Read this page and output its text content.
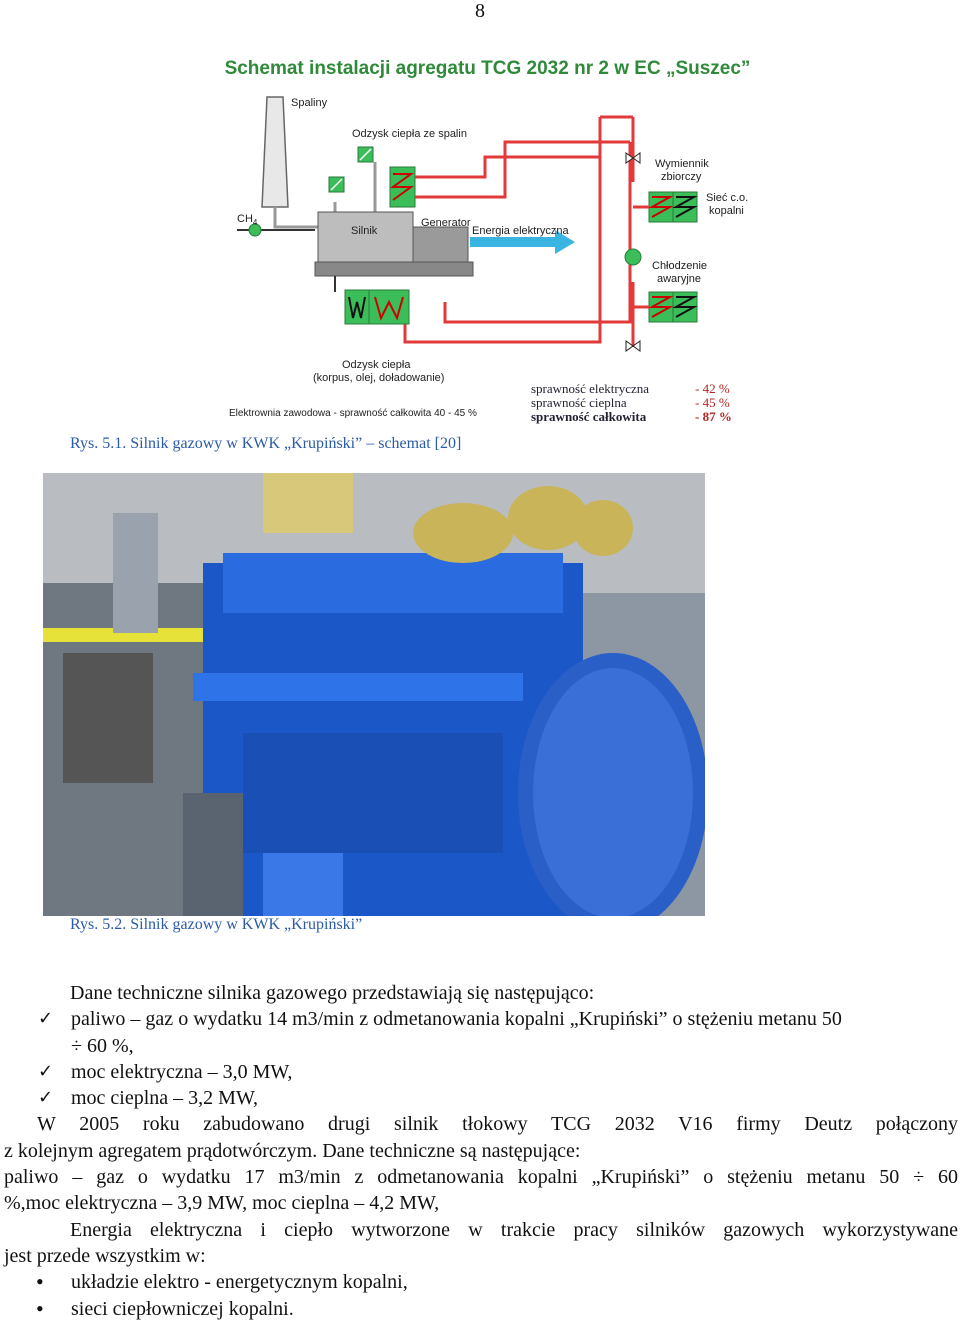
8
Schemat instalacji agregatu TCG 2032 nr 2 w EC „Suszec”
Spaliny
Odzysk ciepła ze spalin
$CH_4$
Silnik
Generator
Energia elektryczna
Wymiennik
zbiorczy
Sieć c.o.
kopalni
Chłodzenie
awaryjne
Odzysk ciepła
(korpus, olej, doładowanie)
Elektrownia zawodowa - sprawność całkowita 40 - 45 %
sprawność elektryczna	- 42 %
sprawność cieplna	- 45 %
sprawność całkowita	- 87 %
Rys. 5.1. Silnik gazowy w KWK „Krupiński” – schemat [20]
Rys. 5.2. Silnik gazowy w KWK „Krupiński”
Dane techniczne silnika gazowego przedstawiają się następująco:
✓ paliwo – gaz o wydatku 14 m3/min z odmetanowania kopalni „Krupiński” o stężeniu metanu 50
÷ 60 %,
✓ moc elektryczna – 3,0 MW,
✓ moc cieplna – 3,2 MW,
W 2005 roku zabudowano drugi silnik tłokowy TCG 2032 V16 firmy Deutz połączony
z kolejnym agregatem prądotwórczym. Dane techniczne są następujące:
paliwo – gaz o wydatku 17 m3/min z odmetanowania kopalni „Krupiński” o stężeniu metanu 50 ÷ 60
%,moc elektryczna – 3,9 MW, moc cieplna – 4,2 MW,
Energia elektryczna i ciepło wytworzone w trakcie pracy silników gazowych wykorzystywane
jest przede wszystkim w:
• układzie elektro - energetycznym kopalni,
• sieci ciepłowniczej kopalni.
